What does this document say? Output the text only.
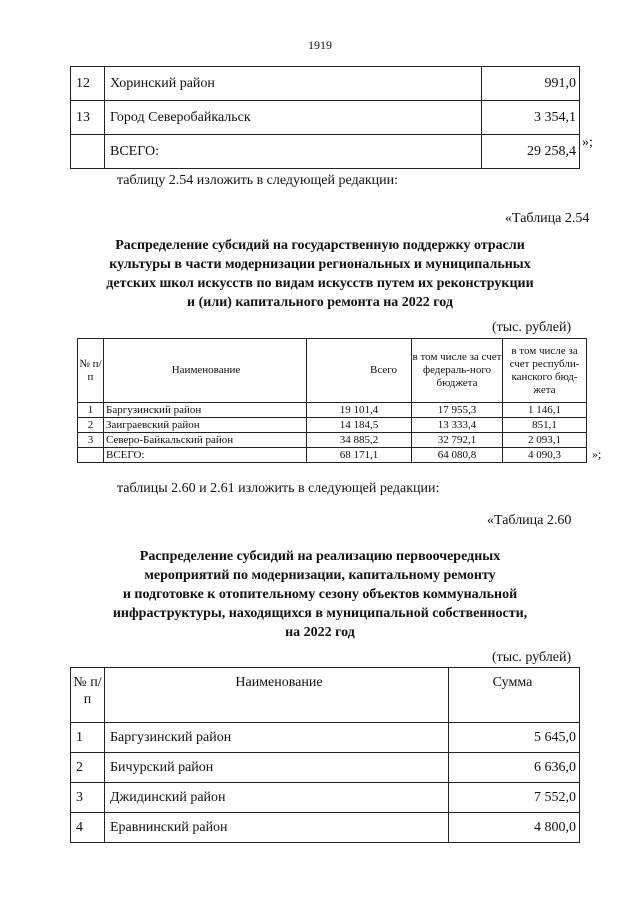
1919
12	Хоринский район	991,0
13	Город Северобайкальск	3 354,1
	ВСЕГО:	29 258,4
»;
таблицу 2.54 изложить в следующей редакции:
«Таблица 2.54
Распределение субсидий на государственную поддержку отрасли
культуры в части модернизации региональных и муниципальных
детских школ искусств по видам искусств путем их реконструкции
и (или) капитального ремонта на 2022 год
(тыс. рублей)
№ п/п	Наименование	Всего	в том числе за счет федераль-ного бюджета	в том числе за счет республи-канского бюд-жета
1	Баргузинский район	19 101,4	17 955,3	1 146,1
2	Заиграевский район	14 184,5	13 333,4	851,1
3	Северо-Байкальский район	34 885,2	32 792,1	2 093,1
	ВСЕГО:	68 171,1	64 080,8	4 090,3	»;
таблицы 2.60 и 2.61 изложить в следующей редакции:
«Таблица 2.60
Распределение субсидий на реализацию первоочередных
мероприятий по модернизации, капитальному ремонту
и подготовке к отопительному сезону объектов коммунальной
инфраструктуры, находящихся в муниципальной собственности,
на 2022 год
(тыс. рублей)
№ п/п	Наименование	Сумма
1	Баргузинский район	5 645,0
2	Бичурский район	6 636,0
3	Джидинский район	7 552,0
4	Еравнинский район	4 800,0
